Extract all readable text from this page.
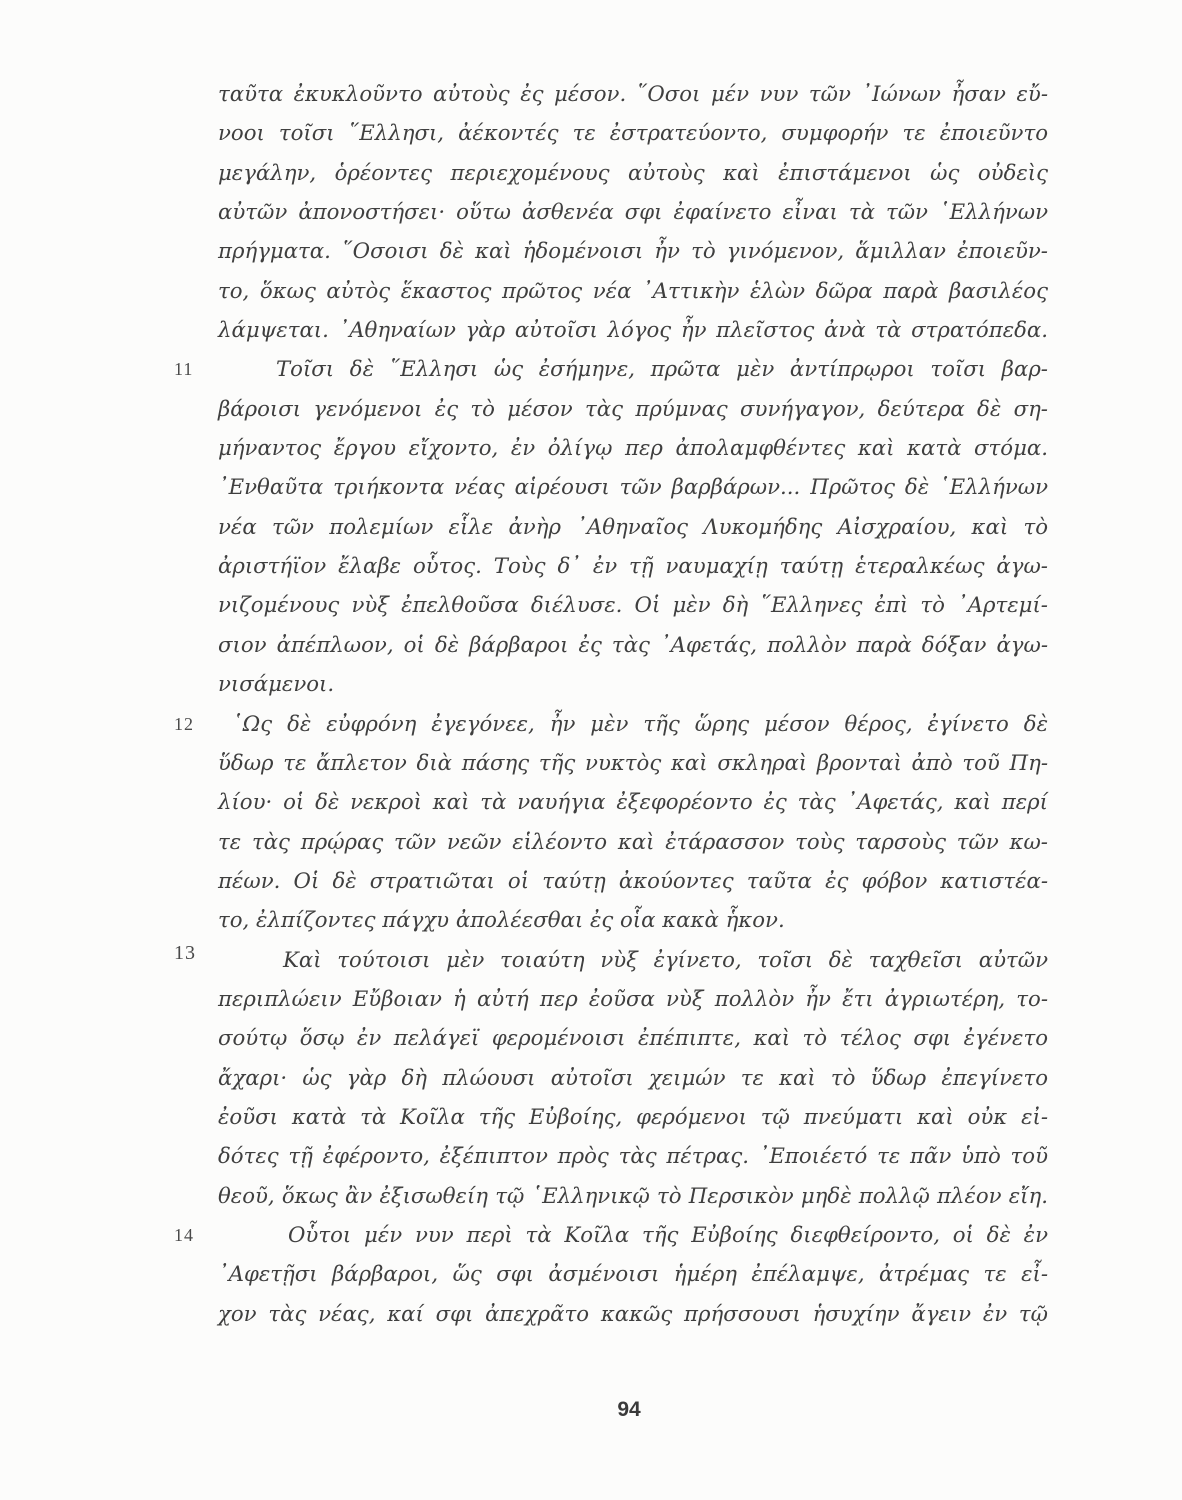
ταῦτα ἐκυκλοῦντο αὐτοὺς ἐς μέσον. ῞Οσοι μέν νυν τῶν ᾽Ιώνων ἦσαν εὔ-
νοοι τοῖσι ῞Ελλησι, ἀέκοντές τε ἐστρατεύοντο, συμφορήν τε ἐποιεῦντο
μεγάλην, ὁρέοντες περιεχομένους αὐτοὺς καὶ ἐπιστάμενοι ὡς οὐδεὶς
αὐτῶν ἀπονοστήσει· οὕτω ἀσθενέα σφι ἐφαίνετο εἶναι τὰ τῶν ῾Ελλήνων
πρήγματα. ῞Οσοισι δὲ καὶ ἡδομένοισι ἦν τὸ γινόμενον, ἅμιλλαν ἐποιεῦν-
το, ὅκως αὐτὸς ἕκαστος πρῶτος νέα ᾽Αττικὴν ἑλὼν δῶρα παρὰ βασιλέος
λάμψεται. ᾽Αθηναίων γὰρ αὐτοῖσι λόγος ἦν πλεῖστος ἀνὰ τὰ στρατόπεδα.
11	Τοῖσι δὲ ῞Ελλησι ὡς ἐσήμηνε, πρῶτα μὲν ἀντίπρῳροι τοῖσι βαρ-
βάροισι γενόμενοι ἐς τὸ μέσον τὰς πρύμνας συνήγαγον, δεύτερα δὲ ση-
μήναντος ἔργου εἴχοντο, ἐν ὀλίγῳ περ ἀπολαμφθέντες καὶ κατὰ στόμα.
᾽Ενθαῦτα τριήκοντα νέας αἱρέουσι τῶν βαρβάρων... Πρῶτος δὲ ῾Ελλήνων
νέα τῶν πολεμίων εἷλε ἀνὴρ ᾽Αθηναῖος Λυκομήδης Αἰσχραίου, καὶ τὸ
ἀριστήϊον ἔλαβε οὗτος. Τοὺς δ᾽ ἐν τῇ ναυμαχίῃ ταύτῃ ἑτεραλκέως ἀγω-
νιζομένους νὺξ ἐπελθοῦσα διέλυσε. Οἱ μὲν δὴ ῞Ελληνες ἐπὶ τὸ ᾽Αρτεμί-
σιον ἀπέπλωον, οἱ δὲ βάρβαροι ἐς τὰς ᾽Αφετάς, πολλὸν παρὰ δόξαν ἀγω-
νισάμενοι.
12 ῾Ως δὲ εὐφρόνη ἐγεγόνεε, ἦν μὲν τῆς ὥρης μέσον θέρος, ἐγίνετο δὲ
ὕδωρ τε ἄπλετον διὰ πάσης τῆς νυκτὸς καὶ σκληραὶ βρονταὶ ἀπὸ τοῦ Πη-
λίου· οἱ δὲ νεκροὶ καὶ τὰ ναυήγια ἐξεφορέοντο ἐς τὰς ᾽Αφετάς, καὶ περί
τε τὰς πρῴρας τῶν νεῶν εἱλέοντο καὶ ἐτάρασσον τοὺς ταρσοὺς τῶν κω-
πέων. Οἱ δὲ στρατιῶται οἱ ταύτῃ ἀκούοντες ταῦτα ἐς φόβον κατιστέα-
το, ἐλπίζοντες πάγχυ ἀπολέεσθαι ἐς οἷα κακὰ ἧκον.
13	Καὶ τούτοισι μὲν τοιαύτη νὺξ ἐγίνετο, τοῖσι δὲ ταχθεῖσι αὐτῶν
περιπλώειν Εὔβοιαν ἡ αὐτή περ ἐοῦσα νὺξ πολλὸν ἦν ἔτι ἀγριωτέρη, το-
σούτῳ ὅσῳ ἐν πελάγεϊ φερομένοισι ἐπέπιπτε, καὶ τὸ τέλος σφι ἐγένετο
ἄχαρι· ὡς γὰρ δὴ πλώουσι αὐτοῖσι χειμών τε καὶ τὸ ὕδωρ ἐπεγίνετο
ἐοῦσι κατὰ τὰ Κοῖλα τῆς Εὐβοίης, φερόμενοι τῷ πνεύματι καὶ οὐκ εἰ-
δότες τῇ ἐφέροντο, ἐξέπιπτον πρὸς τὰς πέτρας. ᾽Εποιέετό τε πᾶν ὑπὸ τοῦ
θεοῦ, ὅκως ἂν ἐξισωθείη τῷ ῾Ελληνικῷ τὸ Περσικὸν μηδὲ πολλῷ πλέον εἴη.
14	Οὗτοι μέν νυν περὶ τὰ Κοῖλα τῆς Εὐβοίης διεφθείροντο, οἱ δὲ ἐν
᾽Αφετῇσι βάρβαροι, ὥς σφι ἀσμένοισι ἡμέρη ἐπέλαμψε, ἀτρέμας τε εἶ-
χον τὰς νέας, καί σφι ἀπεχρᾶτο κακῶς πρήσσουσι ἡσυχίην ἄγειν ἐν τῷ
94
